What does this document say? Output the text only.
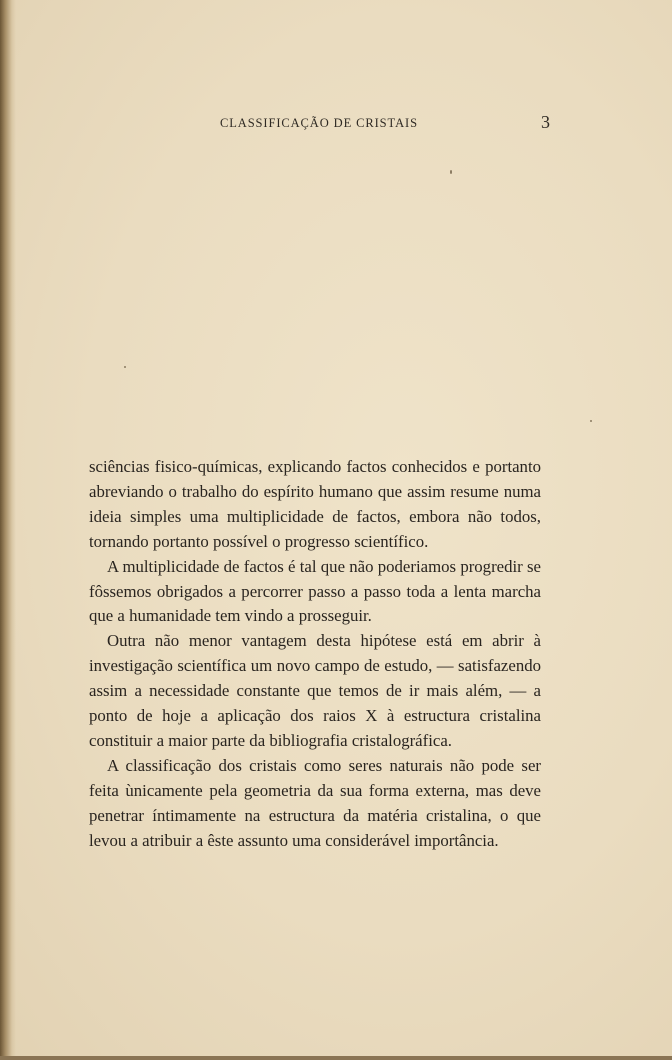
CLASSIFICAÇÃO DE CRISTAIS	3

sciências fisico-químicas, explicando factos conhecidos e portanto abreviando o trabalho do espírito humano que assim resume numa ideia simples uma multiplicidade de factos, embora não todos, tornando portanto possível o progresso scientífico.

A multiplicidade de factos é tal que não poderiamos progredir se fôssemos obrigados a percorrer passo a passo toda a lenta marcha que a humanidade tem vindo a prosseguir.

Outra não menor vantagem desta hipótese está em abrir à investigação scientífica um novo campo de estudo, — satisfazendo assim a necessidade constante que temos de ir mais além, — a ponto de hoje a aplicação dos raios X à estructura cristalina constituir a maior parte da bibliografia cristalográfica.

A classificação dos cristais como seres naturais não pode ser feita ùnicamente pela geometria da sua forma externa, mas deve penetrar íntimamente na estructura da matéria cristalina, o que levou a atribuir a êste assunto uma considerável importância.
